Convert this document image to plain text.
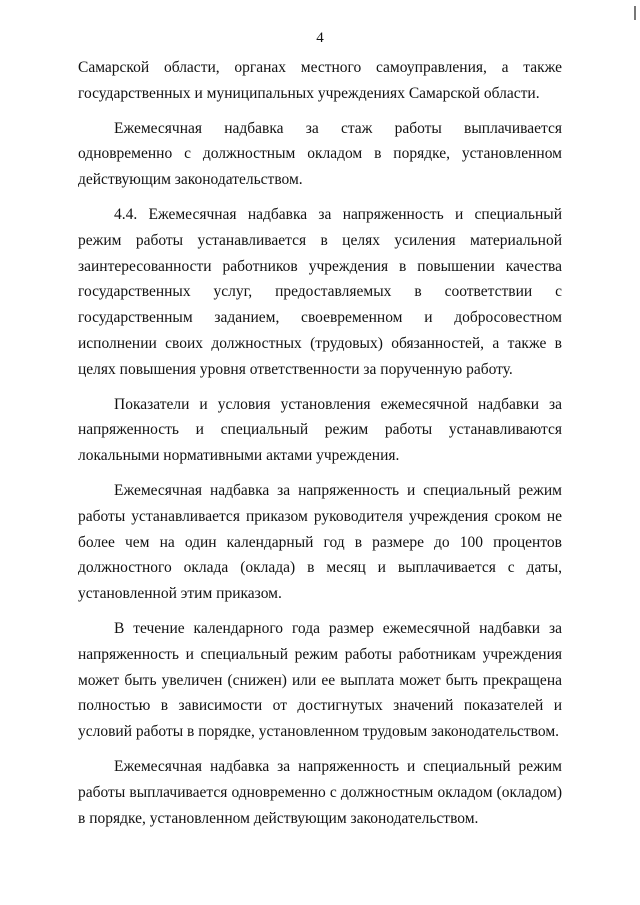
4

Самарской области, органах местного самоуправления, а также государственных и муниципальных учреждениях Самарской области.

Ежемесячная надбавка за стаж работы выплачивается одновременно с должностным окладом в порядке, установленном действующим законодательством.

4.4. Ежемесячная надбавка за напряженность и специальный режим работы устанавливается в целях усиления материальной заинтересованности работников учреждения в повышении качества государственных услуг, предоставляемых в соответствии с государственным заданием, своевременном и добросовестном исполнении своих должностных (трудовых) обязанностей, а также в целях повышения уровня ответственности за порученную работу.

Показатели и условия установления ежемесячной надбавки за напряженность и специальный режим работы устанавливаются локальными нормативными актами учреждения.

Ежемесячная надбавка за напряженность и специальный режим работы устанавливается приказом руководителя учреждения сроком не более чем на один календарный год в размере до 100 процентов должностного оклада (оклада) в месяц и выплачивается с даты, установленной этим приказом.

В течение календарного года размер ежемесячной надбавки за напряженность и специальный режим работы работникам учреждения может быть увеличен (снижен) или ее выплата может быть прекращена полностью в зависимости от достигнутых значений показателей и условий работы в порядке, установленном трудовым законодательством.

Ежемесячная надбавка за напряженность и специальный режим работы выплачивается одновременно с должностным окладом (окладом) в порядке, установленном действующим законодательством.
